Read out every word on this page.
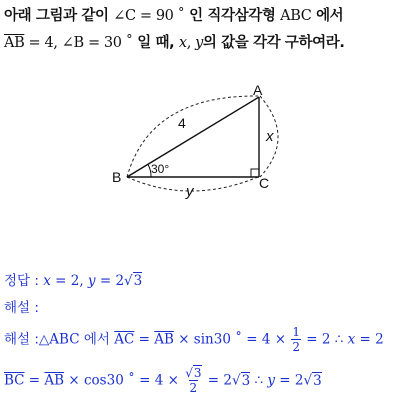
아래 그림과 같이 ∠C = 90 ˚ 인 직각삼각형 ABC 에서
$\overline{AB} = 4$, ∠B = 30 ˚ 일 때, x, y의 값을 각각 구하여라.
A
B	C
4
30°
x
y
정답 : x = 2, y = 2√3
해설 :
해설 :△ABC 에서 $\overline{AC} = \overline{AB} \times \sin 30$ ˚ = $4 \times \frac{1}{2} = 2$ ∴ x = 2
$\overline{BC} = \overline{AB} \times \cos 30$ ˚ = $4 \times \frac{√3}{2} = 2√3$ ∴ y = 2√3
